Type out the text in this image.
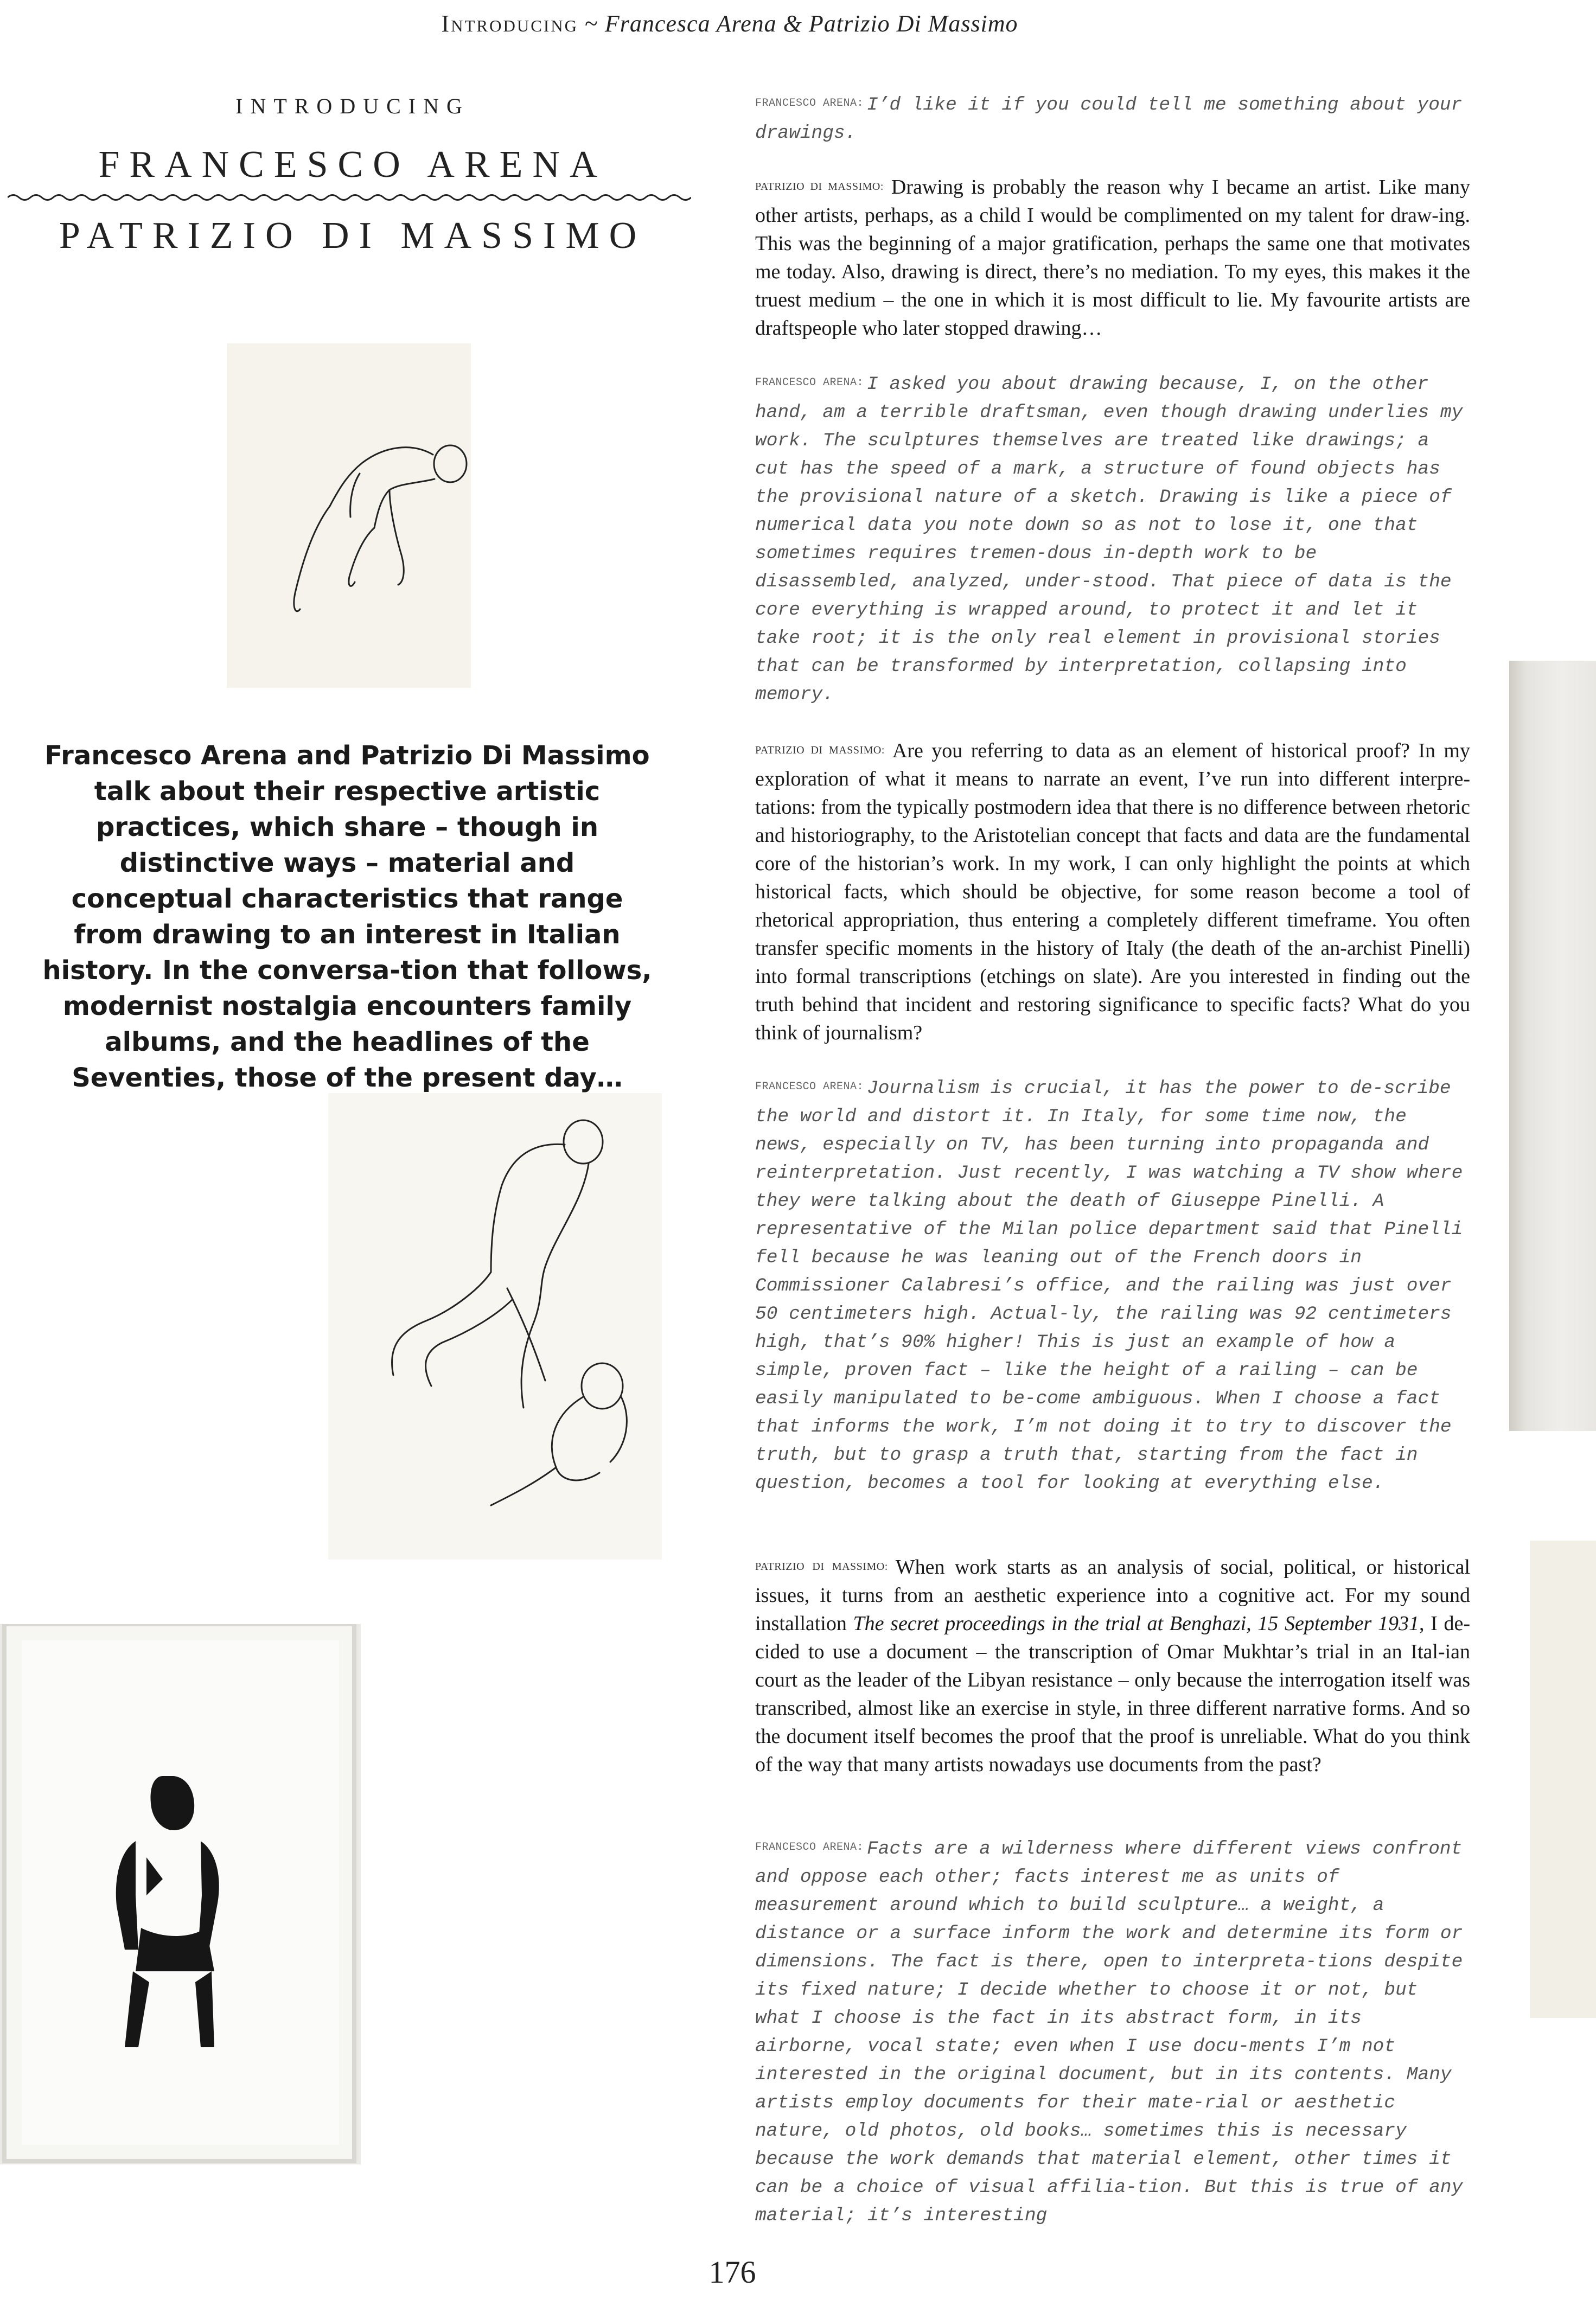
Introducing ~ Francesca Arena & Patrizio Di Massimo
INTRODUCING
FRANCESCO ARENA
PATRIZIO DI MASSIMO
Francesco Arena and Patrizio Di Massimo talk about their respective artistic practices, which share – though in distinctive ways – material and conceptual characteristics that range from drawing to an interest in Italian history. In the conversa-tion that follows, modernist nostalgia encounters family albums, and the headlines of the Seventies, those of the present day…

$^{FRANCESCO ARENA:}$ I’d like it if you could tell me something about your drawings.

PATRIZIO DI MASSIMO: Drawing is probably the reason why I became an artist. Like many other artists, perhaps, as a child I would be complimented on my talent for draw-ing. This was the beginning of a major gratification, perhaps the same one that motivates me today. Also, drawing is direct, there’s no mediation. To my eyes, this makes it the truest medium – the one in which it is most difficult to lie. My favourite artists are draftspeople who later stopped drawing…

$^{FRANCESCO ARENA:}$ I asked you about drawing because, I, on the other hand, am a terrible draftsman, even though drawing underlies my work. The sculptures themselves are treated like drawings; a cut has the speed of a mark, a structure of found objects has the provisional nature of a sketch. Drawing is like a piece of numerical data you note down so as not to lose it, one that sometimes requires tremen-dous in-depth work to be disassembled, analyzed, under-stood. That piece of data is the core everything is wrapped around, to protect it and let it take root; it is the only real element in provisional stories that can be transformed by interpretation, collapsing into memory.

PATRIZIO DI MASSIMO: Are you referring to data as an element of historical proof? In my exploration of what it means to narrate an event, I’ve run into different interpre-tations: from the typically postmodern idea that there is no difference between rhetoric and historiography, to the Aristotelian concept that facts and data are the fundamental core of the historian’s work. In my work, I can only highlight the points at which historical facts, which should be objective, for some reason become a tool of rhetorical appropriation, thus entering a completely different timeframe. You often transfer specific moments in the history of Italy (the death of the an-archist Pinelli) into formal transcriptions (etchings on slate). Are you interested in finding out the truth behind that incident and restoring significance to specific facts? What do you think of journalism?

$^{FRANCESCO ARENA:}$ Journalism is crucial, it has the power to de-scribe the world and distort it. In Italy, for some time now, the news, especially on TV, has been turning into propaganda and reinterpretation. Just recently, I was watching a TV show where they were talking about the death of Giuseppe Pinelli. A representative of the Milan police department said that Pinelli fell because he was leaning out of the French doors in Commissioner Calabresi’s office, and the railing was just over 50 centimeters high. Actual-ly, the railing was 92 centimeters high, that’s 90% higher! This is just an example of how a simple, proven fact – like the height of a railing – can be easily manipulated to be-come ambiguous. When I choose a fact that informs the work, I’m not doing it to try to discover the truth, but to grasp a truth that, starting from the fact in question, becomes a tool for looking at everything else.

PATRIZIO DI MASSIMO: When work starts as an analysis of social, political, or historical issues, it turns from an aesthetic experience into a cognitive act. For my sound installation The secret proceedings in the trial at Benghazi, 15 September 1931, I de-cided to use a document – the transcription of Omar Mukhtar’s trial in an Ital-ian court as the leader of the Libyan resistance – only because the interrogation itself was transcribed, almost like an exercise in style, in three different narrative forms. And so the document itself becomes the proof that the proof is unreliable. What do you think of the way that many artists nowadays use documents from the past?

$^{FRANCESCO ARENA:}$ Facts are a wilderness where different views confront and oppose each other; facts interest me as units of measurement around which to build sculpture… a weight, a distance or a surface inform the work and determine its form or dimensions. The fact is there, open to interpreta-tions despite its fixed nature; I decide whether to choose it or not, but what I choose is the fact in its abstract form, in its airborne, vocal state; even when I use docu-ments I’m not interested in the original document, but in its contents. Many artists employ documents for their mate-rial or aesthetic nature, old photos, old books… sometimes this is necessary because the work demands that material element, other times it can be a choice of visual affilia-tion. But this is true of any material; it’s interesting

176
